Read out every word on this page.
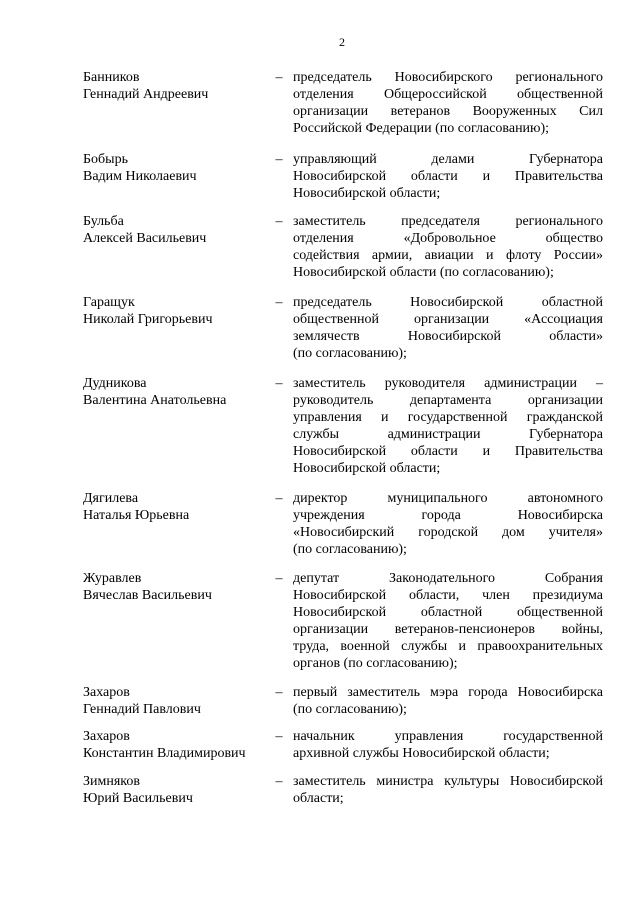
2
Банников
Геннадий Андреевич
– председатель Новосибирского регионального
отделения Общероссийской общественной
организации ветеранов Вооруженных Сил
Российской Федерации (по согласованию);
Бобырь
Вадим Николаевич
– управляющий делами Губернатора
Новосибирской области и Правительства
Новосибирской области;
Бульба
Алексей Васильевич
– заместитель председателя регионального
отделения «Добровольное общество
содействия армии, авиации и флоту России»
Новосибирской области (по согласованию);
Гаращук
Николай Григорьевич
– председатель Новосибирской областной
общественной организации «Ассоциация
землячеств Новосибирской области»
(по согласованию);
Дудникова
Валентина Анатольевна
– заместитель руководителя администрации –
руководитель департамента организации
управления и государственной гражданской
службы администрации Губернатора
Новосибирской области и Правительства
Новосибирской области;
Дягилева
Наталья Юрьевна
– директор муниципального автономного
учреждения города Новосибирска
«Новосибирский городской дом учителя»
(по согласованию);
Журавлев
Вячеслав Васильевич
– депутат Законодательного Собрания
Новосибирской области, член президиума
Новосибирской областной общественной
организации ветеранов-пенсионеров войны,
труда, военной службы и правоохранительных
органов (по согласованию);
Захаров
Геннадий Павлович
– первый заместитель мэра города Новосибирска
(по согласованию);
Захаров
Константин Владимирович
– начальник управления государственной
архивной службы Новосибирской области;
Зимняков
Юрий Васильевич
– заместитель министра культуры Новосибирской
области;
